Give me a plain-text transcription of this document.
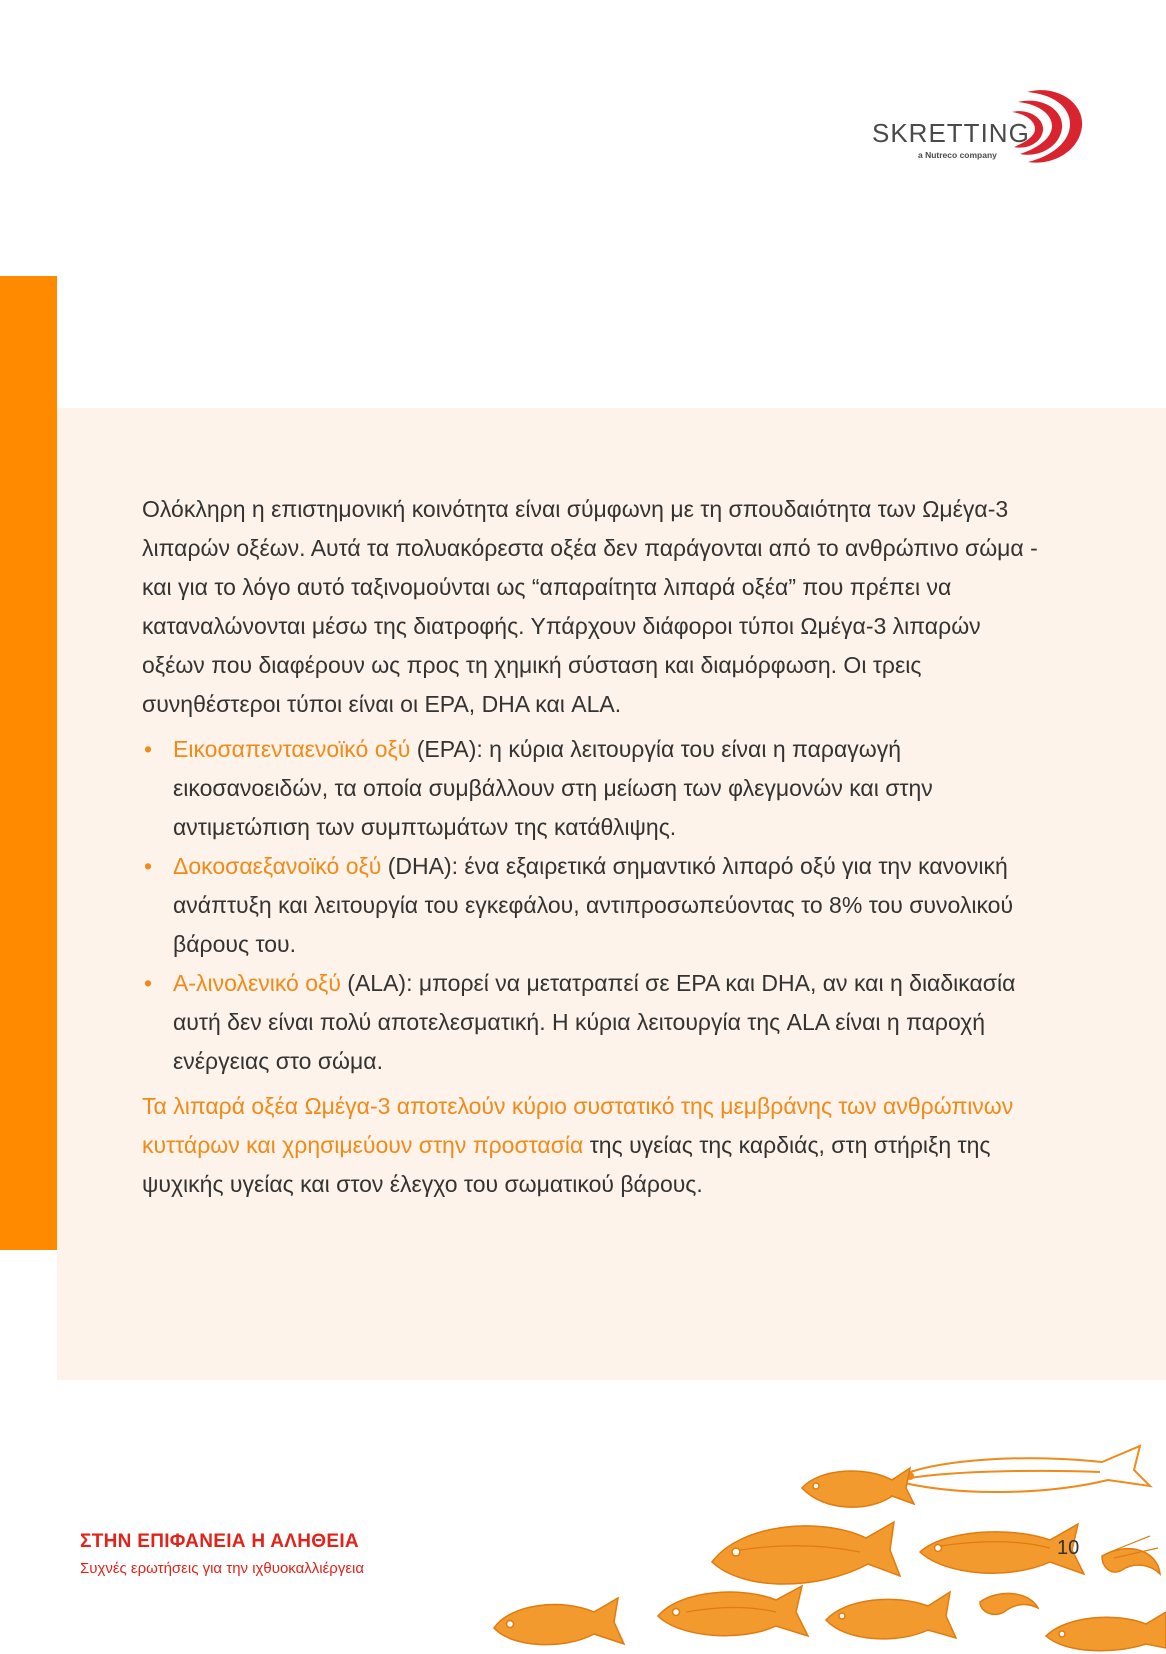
SKRETTING
a Nutreco company

Ολόκληρη η επιστημονική κοινότητα είναι σύμφωνη με τη σπουδαιότητα των Ωμέγα-3 λιπαρών οξέων. Αυτά τα πολυακόρεστα οξέα δεν παράγονται από το ανθρώπινο σώμα - και για το λόγο αυτό ταξινομούνται ως “απαραίτητα λιπαρά οξέα” που πρέπει να καταναλώνονται μέσω της διατροφής. Υπάρχουν διάφοροι τύποι Ωμέγα-3 λιπαρών οξέων που διαφέρουν ως προς τη χημική σύσταση και διαμόρφωση. Οι τρεις συνηθέστεροι τύποι είναι οι EPA, DHA και ALA.

• Εικοσαπενταενοϊκό οξύ (EPA): η κύρια λειτουργία του είναι η παραγωγή εικοσανοειδών, τα οποία συμβάλλουν στη μείωση των φλεγμονών και στην αντιμετώπιση των συμπτωμάτων της κατάθλιψης.
• Δοκοσαεξανοϊκό οξύ (DHA): ένα εξαιρετικά σημαντικό λιπαρό οξύ για την κανονική ανάπτυξη και λειτουργία του εγκεφάλου, αντιπροσωπεύοντας το 8% του συνολικού βάρους του.
• Α-λινολενικό οξύ (ALA): μπορεί να μετατραπεί σε EPA και DHA, αν και η διαδικασία αυτή δεν είναι πολύ αποτελεσματική. Η κύρια λειτουργία της ALA είναι η παροχή ενέργειας στο σώμα.

Τα λιπαρά οξέα Ωμέγα-3 αποτελούν κύριο συστατικό της μεμβράνης των ανθρώπινων κυττάρων και χρησιμεύουν στην προστασία της υγείας της καρδιάς, στη στήριξη της ψυχικής υγείας και στον έλεγχο του σωματικού βάρους.

ΣΤΗΝ ΕΠΙΦΑΝΕΙΑ Η ΑΛΗΘΕΙΑ
Συχνές ερωτήσεις για την ιχθυοκαλλιέργεια
10
